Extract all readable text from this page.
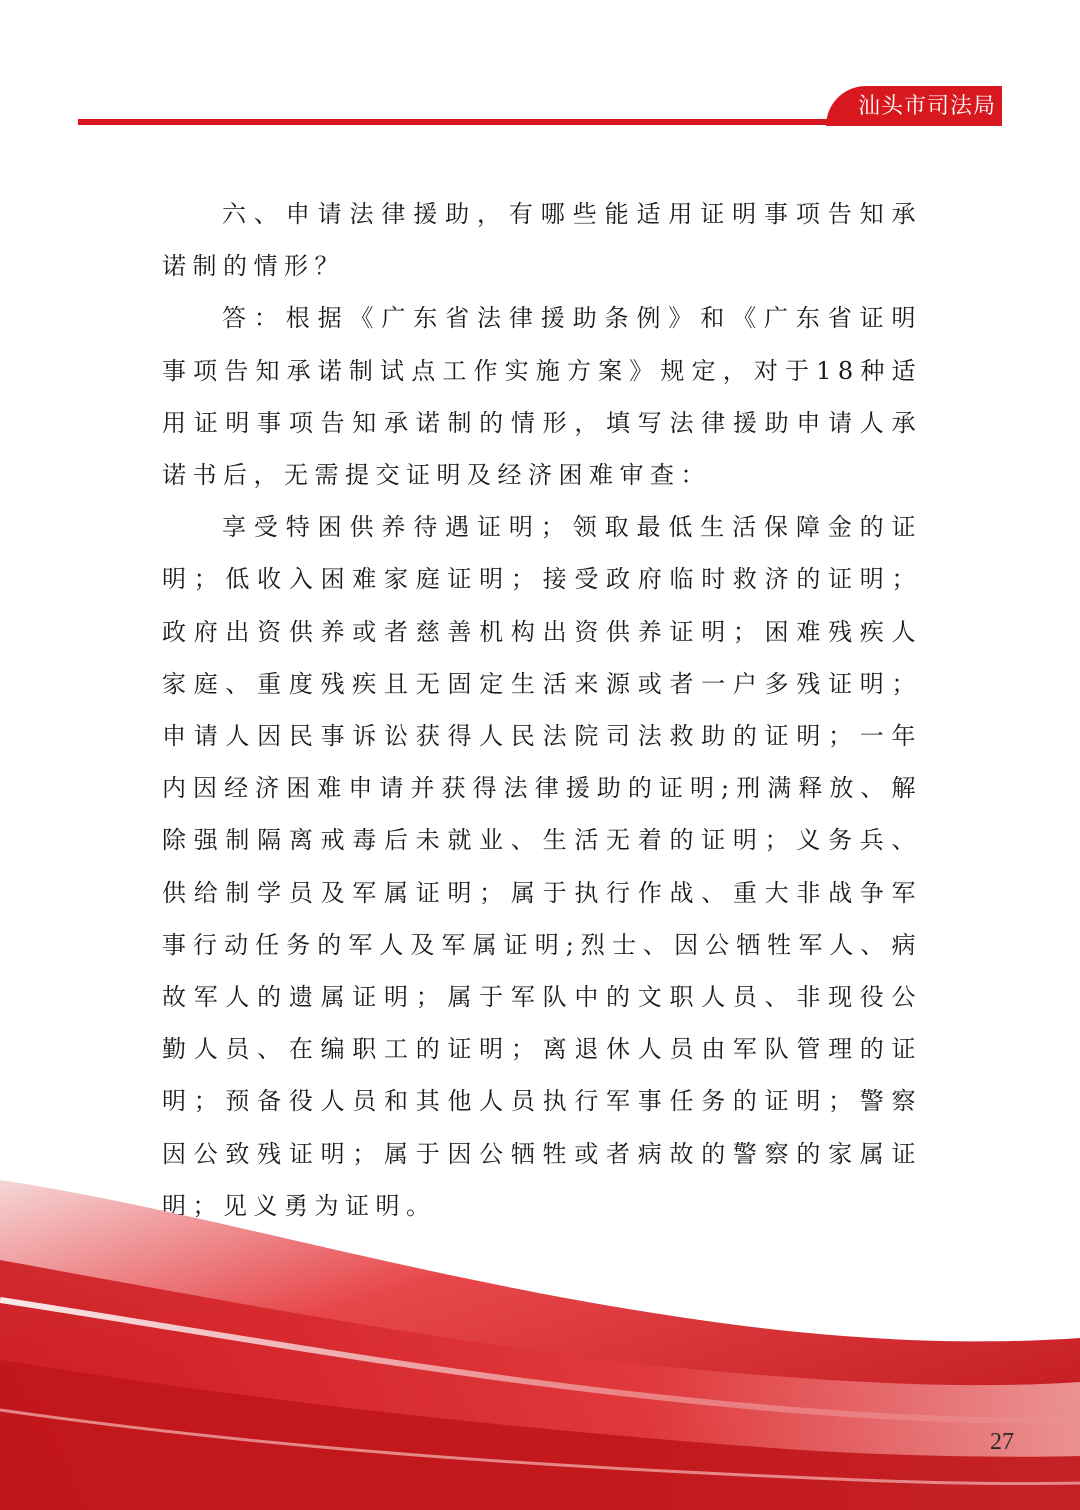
汕头市司法局

六、申请法律援助，有哪些能适用证明事项告知承诺制的情形？

答：根据《广东省法律援助条例》和《广东省证明事项告知承诺制试点工作实施方案》规定，对于18种适用证明事项告知承诺制的情形，填写法律援助申请人承诺书后，无需提交证明及经济困难审查：

享受特困供养待遇证明；领取最低生活保障金的证明；低收入困难家庭证明；接受政府临时救济的证明；政府出资供养或者慈善机构出资供养证明；困难残疾人家庭、重度残疾且无固定生活来源或者一户多残证明；申请人因民事诉讼获得人民法院司法救助的证明；一年内因经济困难申请并获得法律援助的证明;刑满释放、解除强制隔离戒毒后未就业、生活无着的证明；义务兵、供给制学员及军属证明；属于执行作战、重大非战争军事行动任务的军人及军属证明;烈士、因公牺牲军人、病故军人的遗属证明；属于军队中的文职人员、非现役公勤人员、在编职工的证明；离退休人员由军队管理的证明；预备役人员和其他人员执行军事任务的证明；警察因公致残证明；属于因公牺牲或者病故的警察的家属证明；见义勇为证明。

27
